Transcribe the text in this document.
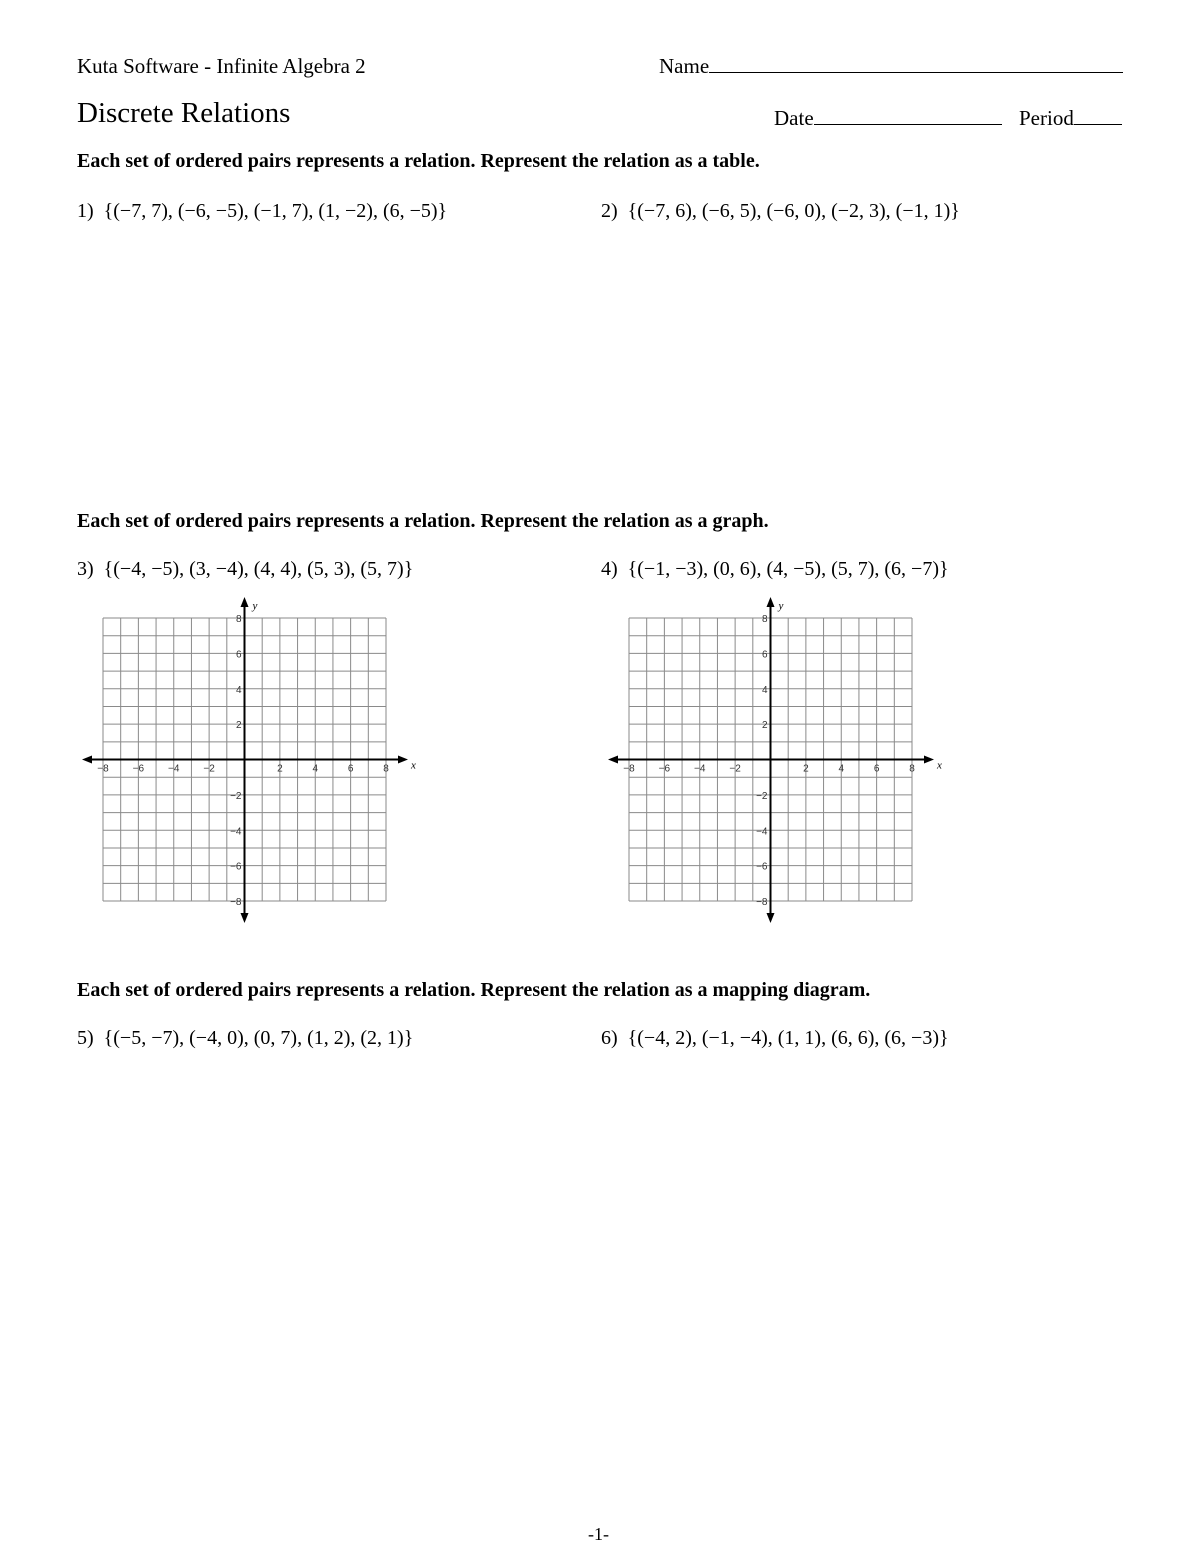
Kuta Software - Infinite Algebra 2	Name
Discrete Relations	Date	Period
Each set of ordered pairs represents a relation. Represent the relation as a table.
1) {(−7, 7), (−6, −5), (−1, 7), (1, −2), (6, −5)}	2) {(−7, 6), (−6, 5), (−6, 0), (−2, 3), (−1, 1)}
Each set of ordered pairs represents a relation. Represent the relation as a graph.
3) {(−4, −5), (3, −4), (4, 4), (5, 3), (5, 7)}	4) {(−1, −3), (0, 6), (4, −5), (5, 7), (6, −7)}
x
y
−8 −6 −4 −2	2	4	6	8
8
6
4
2
−2
−4
−6
−8
x
y
−8 −6 −4 −2	2	4	6	8
8
6
4
2
−2
−4
−6
−8
Each set of ordered pairs represents a relation. Represent the relation as a mapping diagram.
5) {(−5, −7), (−4, 0), (0, 7), (1, 2), (2, 1)}	6) {(−4, 2), (−1, −4), (1, 1), (6, 6), (6, −3)}
-1-
